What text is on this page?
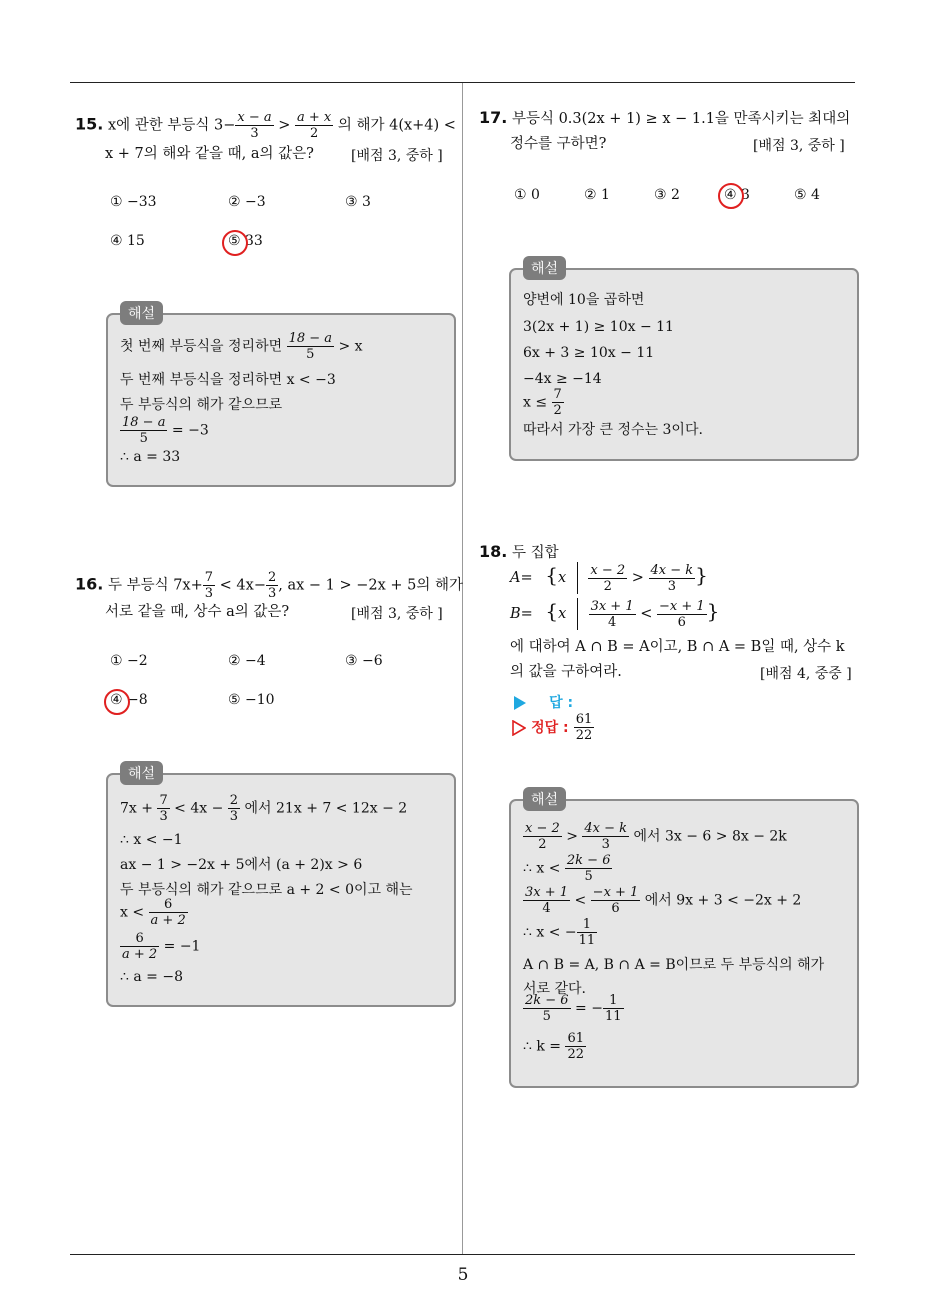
5
15. x에 관한 부등식 $3- \frac{x - a}{3} > \frac{a + x}{2}$ 의 해가 4(x+4) <
x + 7의 해와 같을 때, a의 값은?	[배점 3, 중하 ]
① −33	② −3	③ 3
④ 15	⑤ 33
첫 번째 부등식을 정리하면 $\frac{18 - a}{5} > x$
두 번째 부등식을 정리하면 x < −3
두 부등식의 해가 같으므로
$\frac{18 - a}{5} = -3$
∴ a = 33
해설
16. 두 부등식 $7x+ \frac{7}{3} < 4x- \frac{2}{3}$ , ax − 1 > −2x + 5의 해가
서로 같을 때, 상수 a의 값은?	[배점 3, 중하 ]
① −2	② −4	③ −6
④ −8	⑤ −10
$7x + \frac{7}{3} < 4x - \frac{2}{3}$ 에서 21x + 7 < 12x − 2
∴ x < −1
ax − 1 > −2x + 5에서 (a + 2)x > 6
두 부등식의 해가 같으므로 a + 2 < 0이고 해는
$x < \frac{6}{a + 2}$
$\frac{6}{a + 2} = -1$
∴ a = −8
해설
17. 부등식 0.3(2x + 1) ≥ x − 1.1을 만족시키는 최대의
정수를 구하면?	[배점 3, 중하 ]
① 0	② 1	③ 2	④ 3	⑤ 4
양변에 10을 곱하면
3(2x + 1) ≥ 10x − 11
6x + 3 ≥ 10x − 11
−4x ≥ −14
$x \le \frac{7}{2}$
따라서 가장 큰 정수는 3이다.
해설
18. 두 집합
$A= \{x \frac{x - 2}{2} > \frac{4x - k}{3}$ }
$B= \{x \frac{3x + 1}{4} < \frac{-x + 1}{6}$ }
에 대하여 A ∩ B = A이고, B ∩ A = B일 때, 상수 k
의 값을 구하여라.	[배점 4, 중중 ]
답 :
정답 : $\frac{61}{22}$
$\frac{x - 2}{2} > \frac{4x - k}{3}$ 에서 3x − 6 > 8x − 2k
∴ $x < \frac{2k - 6}{5}$
$\frac{3x + 1}{4} < \frac{-x + 1}{6}$ 에서 9x + 3 < −2x + 2
∴ x < − $\frac{1}{11}$
A ∩ B = A, B ∩ A = B이므로 두 부등식의 해가
서로 같다.
$\frac{2k - 6}{5}$ = − $\frac{1}{11}$
∴ $k = \frac{61}{22}$
해설
